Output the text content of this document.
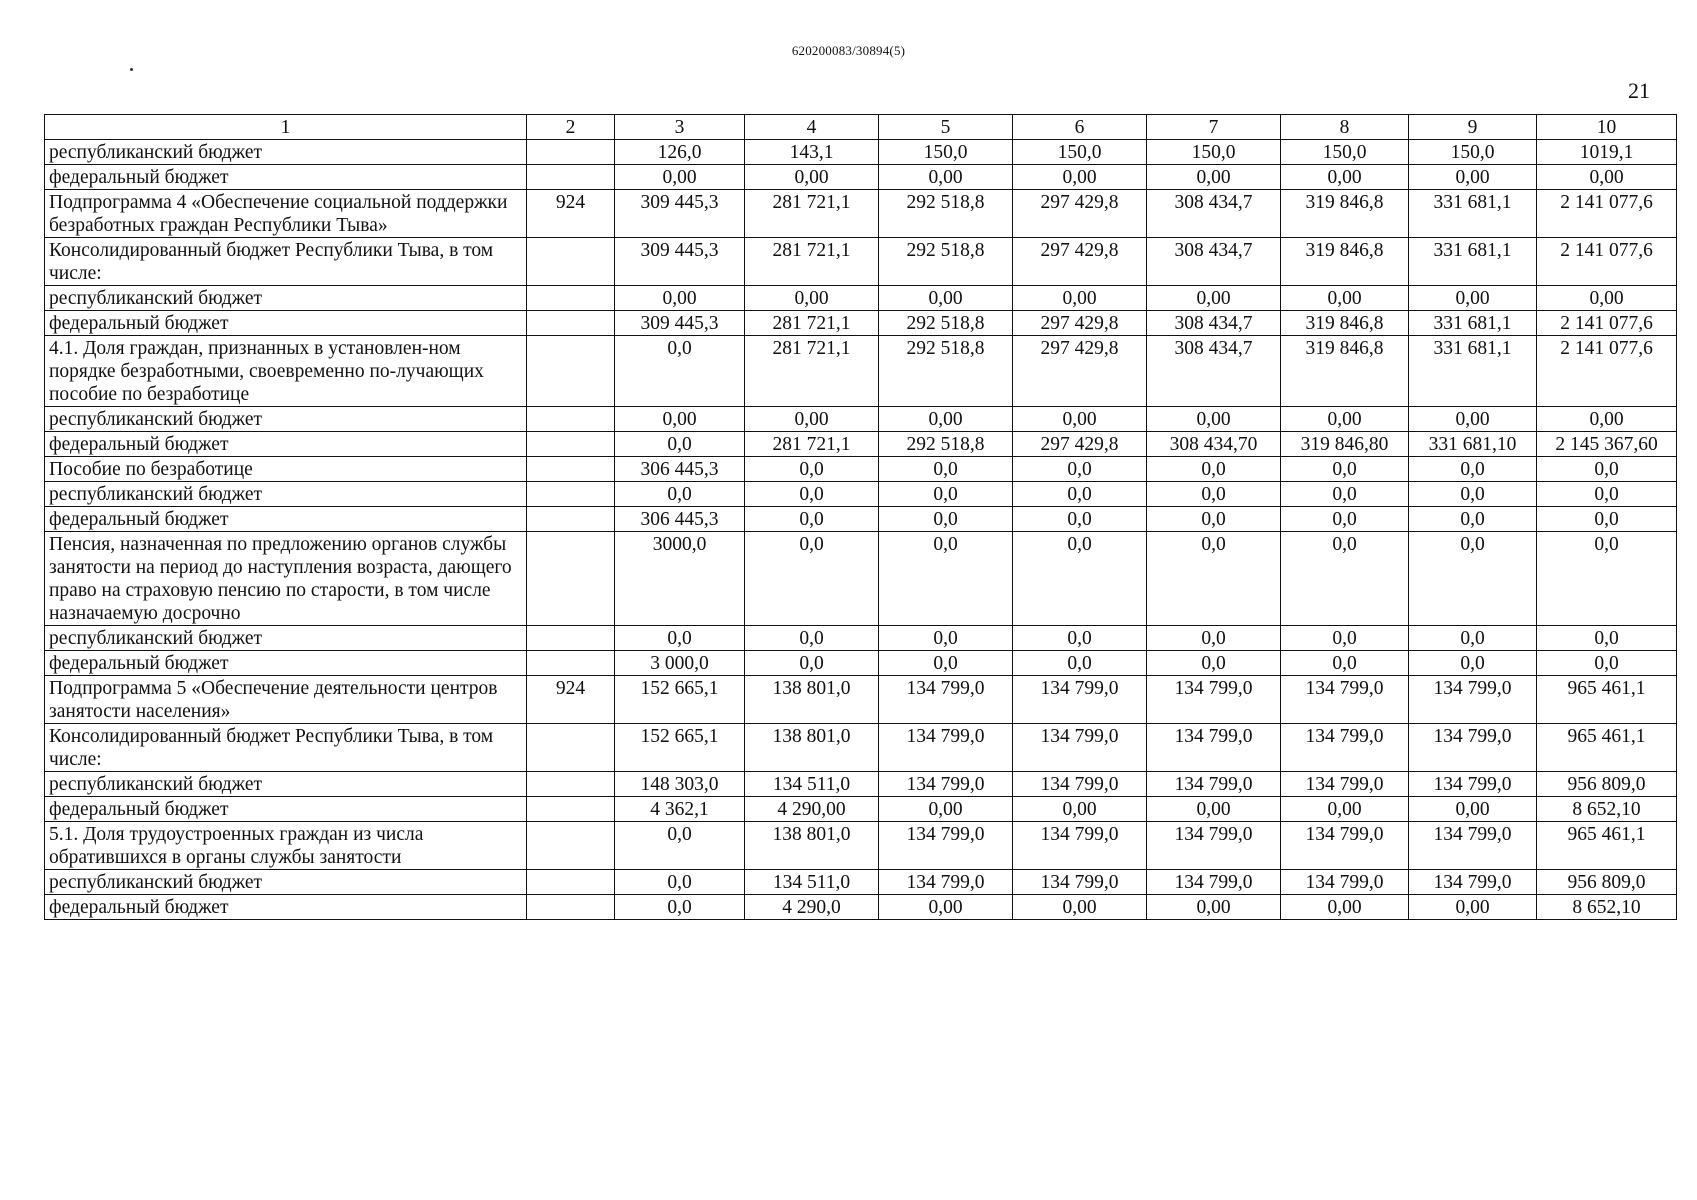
620200083/30894(5)
21
1	2	3	4	5	6	7	8	9	10
республиканский бюджет		126,0	143,1	150,0	150,0	150,0	150,0	150,0	1019,1
федеральный бюджет		0,00	0,00	0,00	0,00	0,00	0,00	0,00	0,00
Подпрограмма 4 «Обеспечение социальной поддержки безработных граждан Республики Тыва»	924	309 445,3	281 721,1	292 518,8	297 429,8	308 434,7	319 846,8	331 681,1	2 141 077,6
Консолидированный бюджет Республики Тыва, в том числе:		309 445,3	281 721,1	292 518,8	297 429,8	308 434,7	319 846,8	331 681,1	2 141 077,6
республиканский бюджет		0,00	0,00	0,00	0,00	0,00	0,00	0,00	0,00
федеральный бюджет		309 445,3	281 721,1	292 518,8	297 429,8	308 434,7	319 846,8	331 681,1	2 141 077,6
4.1. Доля граждан, признанных в установлен-ном порядке безработными, своевременно по-лучающих пособие по безработице		0,0	281 721,1	292 518,8	297 429,8	308 434,7	319 846,8	331 681,1	2 141 077,6
республиканский бюджет		0,00	0,00	0,00	0,00	0,00	0,00	0,00	0,00
федеральный бюджет		0,0	281 721,1	292 518,8	297 429,8	308 434,70	319 846,80	331 681,10	2 145 367,60
Пособие по безработице		306 445,3	0,0	0,0	0,0	0,0	0,0	0,0	0,0
республиканский бюджет		0,0	0,0	0,0	0,0	0,0	0,0	0,0	0,0
федеральный бюджет		306 445,3	0,0	0,0	0,0	0,0	0,0	0,0	0,0
Пенсия, назначенная по предложению органов службы занятости на период до наступления возраста, дающего право на страховую пенсию по старости, в том числе назначаемую досрочно		3000,0	0,0	0,0	0,0	0,0	0,0	0,0	0,0
республиканский бюджет		0,0	0,0	0,0	0,0	0,0	0,0	0,0	0,0
федеральный бюджет		3 000,0	0,0	0,0	0,0	0,0	0,0	0,0	0,0
Подпрограмма 5 «Обеспечение деятельности центров занятости населения»	924	152 665,1	138 801,0	134 799,0	134 799,0	134 799,0	134 799,0	134 799,0	965 461,1
Консолидированный бюджет Республики Тыва, в том числе:		152 665,1	138 801,0	134 799,0	134 799,0	134 799,0	134 799,0	134 799,0	965 461,1
республиканский бюджет		148 303,0	134 511,0	134 799,0	134 799,0	134 799,0	134 799,0	134 799,0	956 809,0
федеральный бюджет		4 362,1	4 290,00	0,00	0,00	0,00	0,00	0,00	8 652,10
5.1. Доля трудоустроенных граждан из числа обратившихся в органы службы занятости		0,0	138 801,0	134 799,0	134 799,0	134 799,0	134 799,0	134 799,0	965 461,1
республиканский бюджет		0,0	134 511,0	134 799,0	134 799,0	134 799,0	134 799,0	134 799,0	956 809,0
федеральный бюджет		0,0	4 290,0	0,00	0,00	0,00	0,00	0,00	8 652,10
